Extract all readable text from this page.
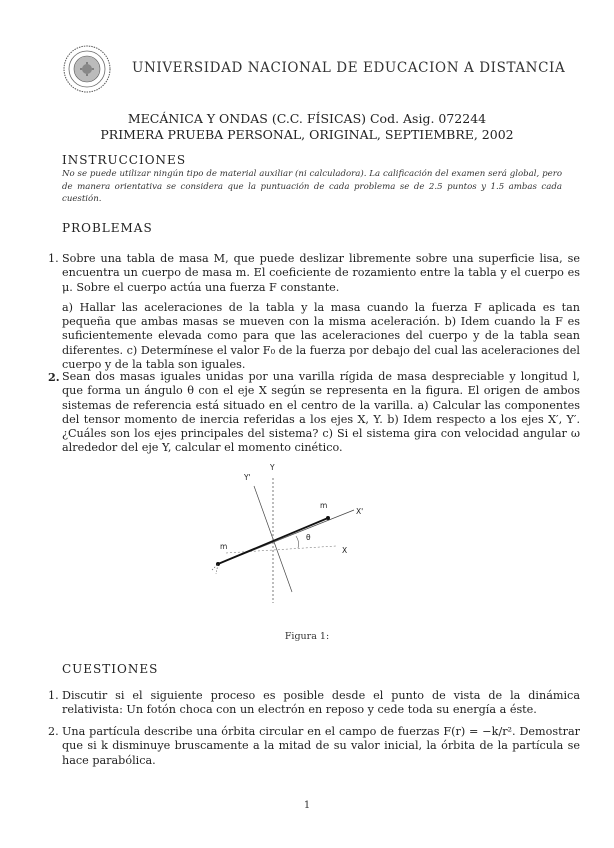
UNIVERSIDAD NACIONAL DE EDUCACION A DISTANCIA
MECÁNICA Y ONDAS (C.C. FÍSICAS) Cod. Asig. 072244
PRIMERA PRUEBA PERSONAL, ORIGINAL, SEPTIEMBRE, 2002
INSTRUCCIONES
No se puede utilizar ningún tipo de material auxiliar (ni calculadora). La calificación del examen será global, pero de manera orientativa se considera que la puntuación de cada problema se de 2.5 puntos y 1.5 ambas cada cuestión.
PROBLEMAS
1. Sobre una tabla de masa M, que puede deslizar libremente sobre una superficie lisa, se encuentra un cuerpo de masa m. El coeficiente de rozamiento entre la tabla y el cuerpo es μ. Sobre el cuerpo actúa una fuerza F constante.
a) Hallar las aceleraciones de la tabla y la masa cuando la fuerza F aplicada es tan pequeña que ambas masas se mueven con la misma aceleración. b) Idem cuando la F es suficientemente elevada como para que las aceleraciones del cuerpo y de la tabla sean diferentes. c) Determínese el valor F₀ de la fuerza por debajo del cual las aceleraciones del cuerpo y de la tabla son iguales.
2. Sean dos masas iguales unidas por una varilla rígida de masa despreciable y longitud l, que forma un ángulo θ con el eje X según se representa en la figura. El origen de ambos sistemas de referencia está situado en el centro de la varilla. a) Calcular las componentes del tensor momento de inercia referidas a los ejes X, Y. b) Idem respecto a los ejes X′, Y′. ¿Cuáles son los ejes principales del sistema? c) Si el sistema gira con velocidad angular ω alrededor del eje Y, calcular el momento cinético.
Y
Y'
X'
X
m
m
θ
Figura 1:
CUESTIONES
1. Discutir si el siguiente proceso es posible desde el punto de vista de la dinámica relativista: Un fotón choca con un electrón en reposo y cede toda su energía a éste.
2. Una partícula describe una órbita circular en el campo de fuerzas F(r) = −k/r². Demostrar que si k disminuye bruscamente a la mitad de su valor inicial, la órbita de la partícula se hace parabólica.
1
